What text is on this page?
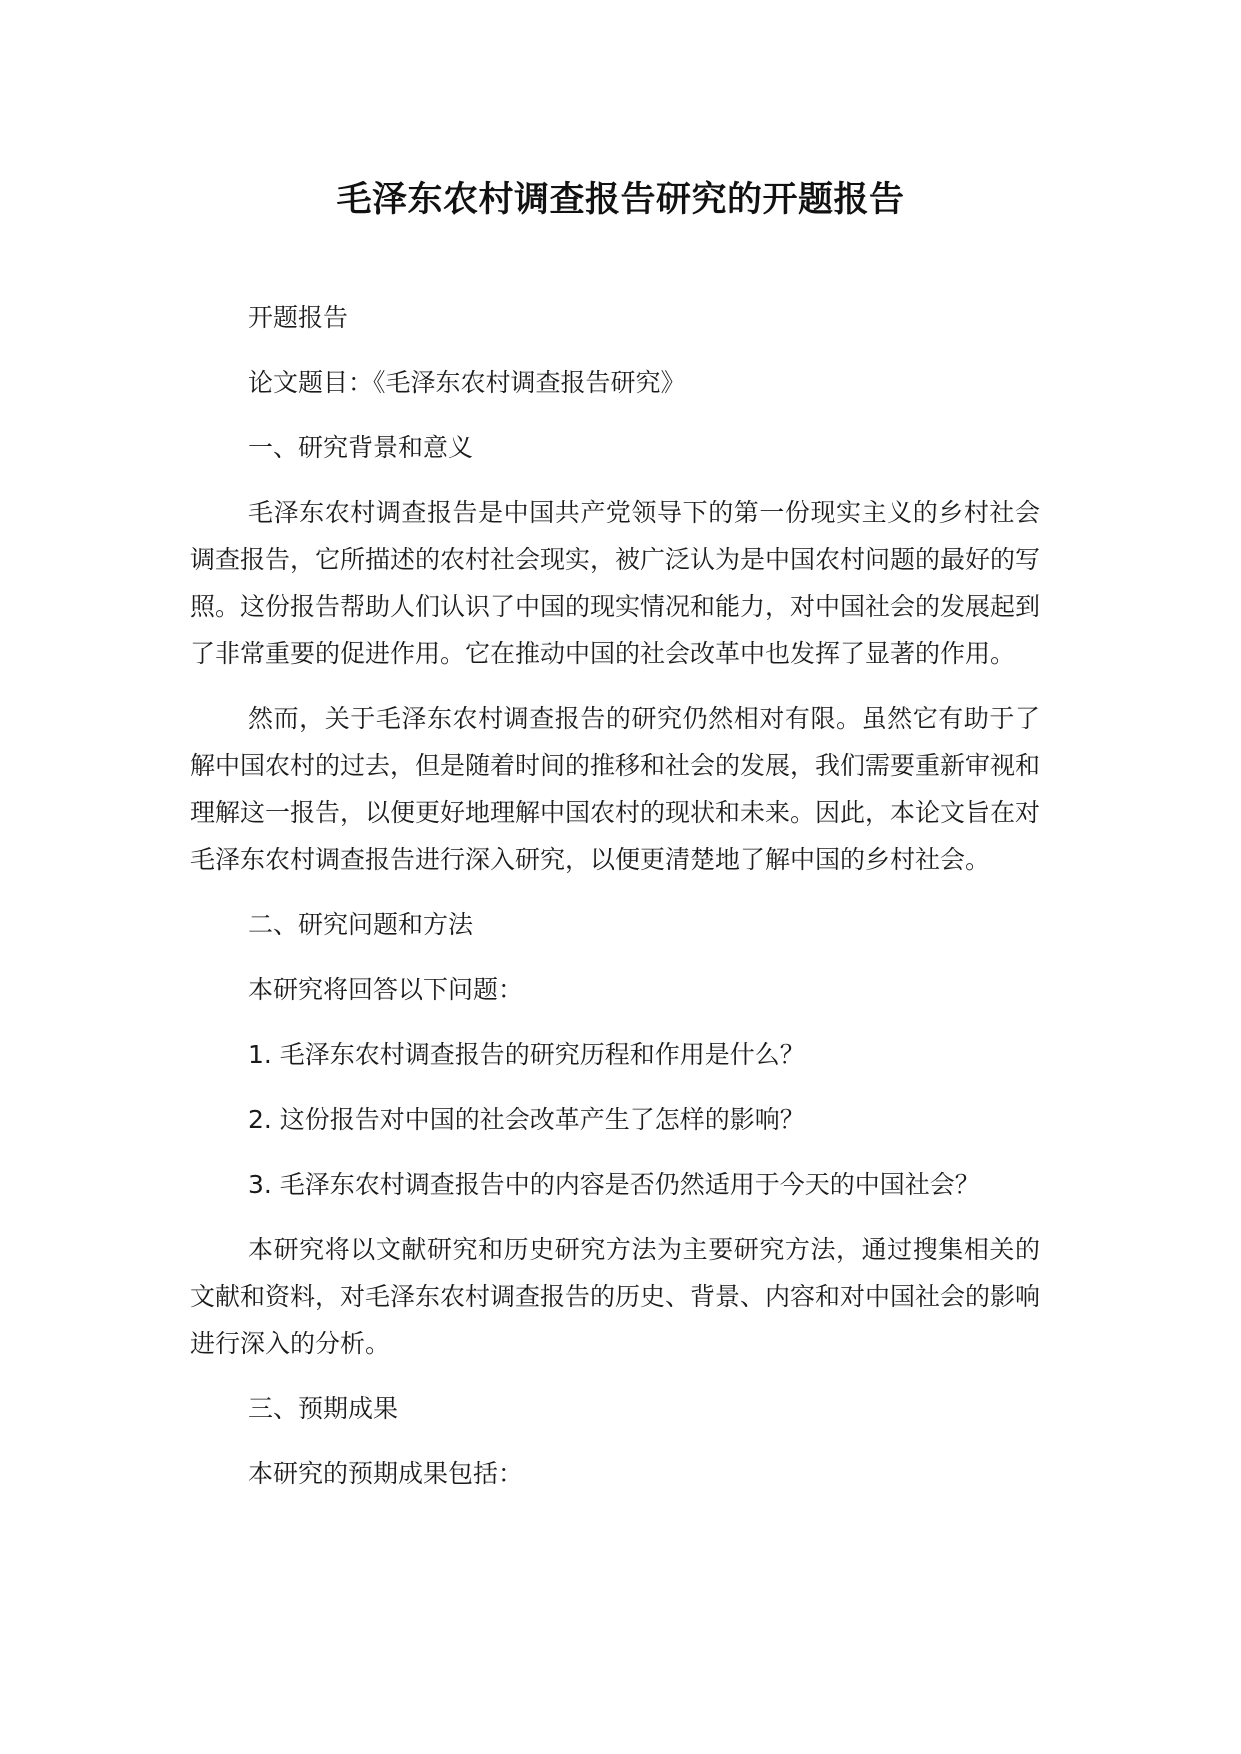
毛泽东农村调查报告研究的开题报告
开题报告
论文题目：《毛泽东农村调查报告研究》
一、研究背景和意义
毛泽东农村调查报告是中国共产党领导下的第一份现实主义的乡村社会调查报告，它所描述的农村社会现实，被广泛认为是中国农村问题的最好的写照。这份报告帮助人们认识了中国的现实情况和能力，对中国社会的发展起到了非常重要的促进作用。它在推动中国的社会改革中也发挥了显著的作用。
然而，关于毛泽东农村调查报告的研究仍然相对有限。虽然它有助于了解中国农村的过去，但是随着时间的推移和社会的发展，我们需要重新审视和理解这一报告，以便更好地理解中国农村的现状和未来。因此，本论文旨在对毛泽东农村调查报告进行深入研究，以便更清楚地了解中国的乡村社会。
二、研究问题和方法
本研究将回答以下问题：
1. 毛泽东农村调查报告的研究历程和作用是什么？
2. 这份报告对中国的社会改革产生了怎样的影响？
3. 毛泽东农村调查报告中的内容是否仍然适用于今天的中国社会？
本研究将以文献研究和历史研究方法为主要研究方法，通过搜集相关的文献和资料，对毛泽东农村调查报告的历史、背景、内容和对中国社会的影响进行深入的分析。
三、预期成果
本研究的预期成果包括：
